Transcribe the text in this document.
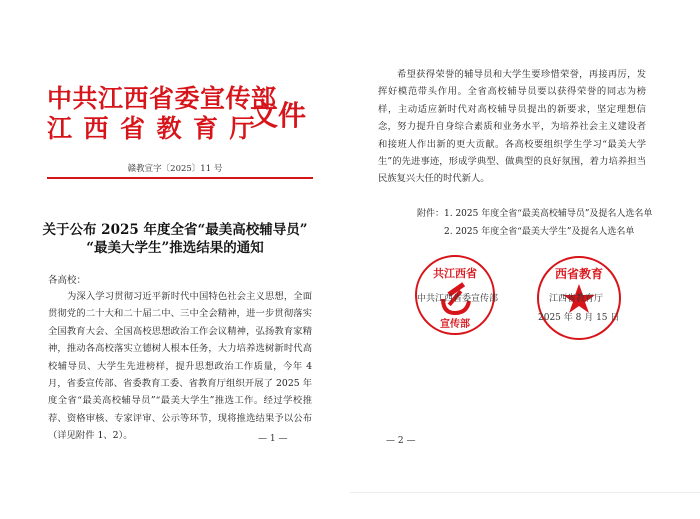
中共江西省委宣传部
江西省教育厅
文件
赣教宣字〔2025〕11 号
关于公布 2025 年度全省“最美高校辅导员”
“最美大学生”推选结果的通知
各高校：

为深入学习贯彻习近平新时代中国特色社会主义思想，全面贯彻党的二十大和二十届二中、三中全会精神，进一步贯彻落实全国教育大会、全国高校思想政治工作会议精神，弘扬教育家精神，推动各高校落实立德树人根本任务，大力培养选树新时代高校辅导员、大学生先进榜样，提升思想政治工作质量，今年 4 月，省委宣传部、省委教育工委、省教育厅组织开展了 2025 年度全省“最美高校辅导员”“最美大学生”推选工作。经过学校推荐、资格审核、专家评审、公示等环节，现将推选结果予以公布（详见附件 1、2）。	— 1 —

希望获得荣誉的辅导员和大学生要珍惜荣誉，再接再厉，发挥好模范带头作用。全省高校辅导员要以获得荣誉的同志为榜样，主动适应新时代对高校辅导员提出的新要求，坚定理想信念，努力提升自身综合素质和业务水平，为培养社会主义建设者和接班人作出新的更大贡献。各高校要组织学生学习“最美大学生”的先进事迹，形成学典型、做典型的良好氛围，着力培养担当民族复兴大任的时代新人。

附件： 1. 2025 年度全省“最美高校辅导员”及提名人选名单
2. 2025 年度全省“最美大学生”及提名人选名单
共江西省
宣传部
中共江西省委宣传部
西省教育
江西省教育厅
2025 年 8 月 15 日
— 2 —
